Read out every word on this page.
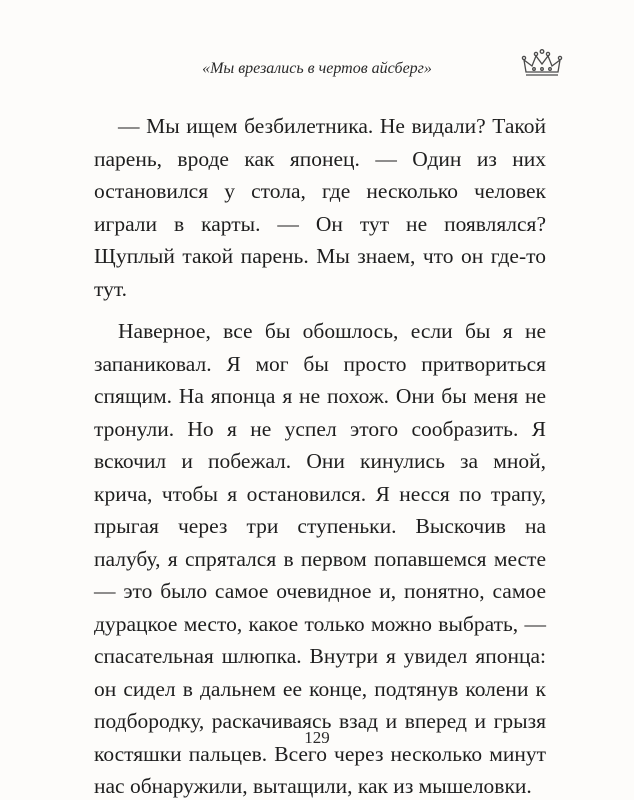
«Мы врезались в чертов айсберг»

— Мы ищем безбилетника. Не видали? Такой парень, вроде как японец. — Один из них остановился у стола, где несколько человек играли в карты. — Он тут не появлялся? Щуплый такой парень. Мы знаем, что он где-то тут.

Наверное, все бы обошлось, если бы я не запаниковал. Я мог бы просто притвориться спящим. На японца я не похож. Они бы меня не тронули. Но я не успел этого сообразить. Я вскочил и побежал. Они кинулись за мной, крича, чтобы я остановился. Я несся по трапу, прыгая через три ступеньки. Выскочив на палубу, я спрятался в первом попавшемся месте — это было самое очевидное и, понятно, самое дурацкое место, какое только можно выбрать, — спасательная шлюпка. Внутри я увидел японца: он сидел в дальнем ее конце, подтянув колени к подбородку, раскачиваясь взад и вперед и грызя костяшки пальцев. Всего через несколько минут нас обнаружили, вытащили, как из мышеловки.

129
